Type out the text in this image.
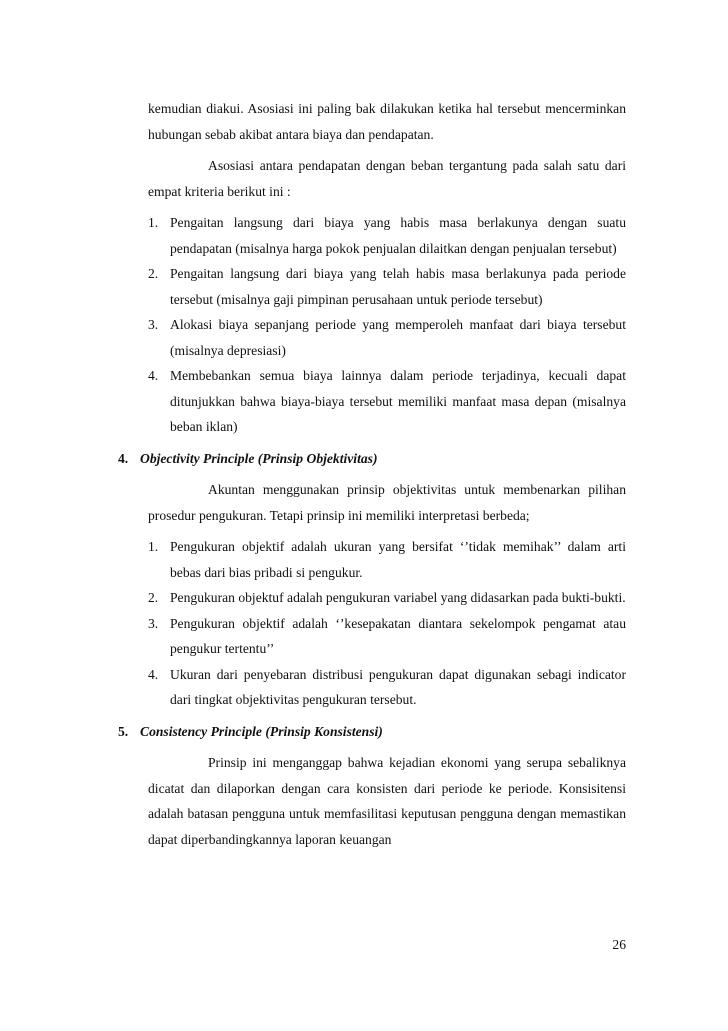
kemudian diakui. Asosiasi ini paling bak dilakukan ketika hal tersebut mencerminkan hubungan sebab akibat antara biaya dan pendapatan.

Asosiasi antara pendapatan dengan beban tergantung pada salah satu dari empat kriteria berikut ini :

1. Pengaitan langsung dari biaya yang habis masa berlakunya dengan suatu pendapatan (misalnya harga pokok penjualan dilaitkan dengan penjualan tersebut)
2. Pengaitan langsung dari biaya yang telah habis masa berlakunya pada periode tersebut (misalnya gaji pimpinan perusahaan untuk periode tersebut)
3. Alokasi biaya sepanjang periode yang memperoleh manfaat dari biaya tersebut (misalnya depresiasi)
4. Membebankan semua biaya lainnya dalam periode terjadinya, kecuali dapat ditunjukkan bahwa biaya-biaya tersebut memiliki manfaat masa depan (misalnya beban iklan)
4. Objectivity Principle (Prinsip Objektivitas)

Akuntan menggunakan prinsip objektivitas untuk membenarkan pilihan prosedur pengukuran. Tetapi prinsip ini memiliki interpretasi berbeda;

1. Pengukuran objektif adalah ukuran yang bersifat ‘’tidak memihak’’ dalam arti bebas dari bias pribadi si pengukur.
2. Pengukuran objektuf adalah pengukuran variabel yang didasarkan pada bukti-bukti.
3. Pengukuran objektif adalah ‘’kesepakatan diantara sekelompok pengamat atau pengukur tertentu’’
4. Ukuran dari penyebaran distribusi pengukuran dapat digunakan sebagi indicator dari tingkat objektivitas pengukuran tersebut.
5. Consistency Principle (Prinsip Konsistensi)

Prinsip ini menganggap bahwa kejadian ekonomi yang serupa sebaliknya dicatat dan dilaporkan dengan cara konsisten dari periode ke periode. Konsisitensi adalah batasan pengguna untuk memfasilitasi keputusan pengguna dengan memastikan dapat diperbandingkannya laporan keuangan

26
